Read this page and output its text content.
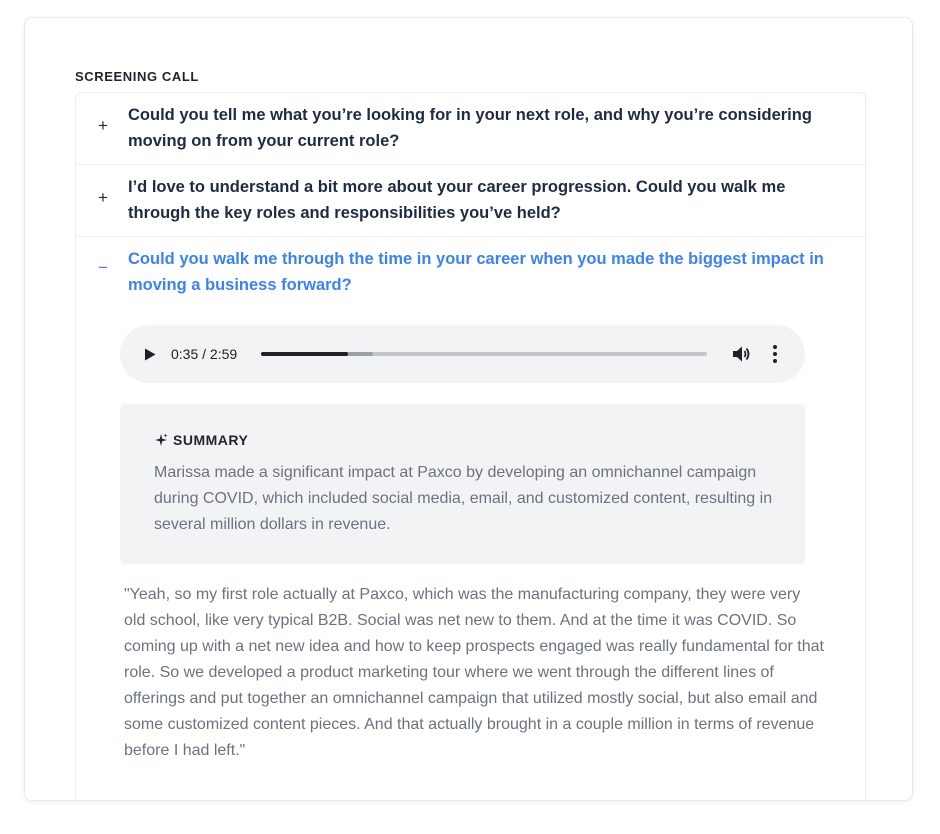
SCREENING CALL
+
Could you tell me what you’re looking for in your next role, and why you’re considering moving on from your current role?
+
I’d love to understand a bit more about your career progression. Could you walk me through the key roles and responsibilities you’ve held?
− Could you walk me through the time in your career when you made the biggest impact in moving a business forward?
0:35 / 2:59
SUMMARY
Marissa made a significant impact at Paxco by developing an omnichannel campaign during COVID, which included social media, email, and customized content, resulting in several million dollars in revenue.
"Yeah, so my first role actually at Paxco, which was the manufacturing company, they were very old school, like very typical B2B. Social was net new to them. And at the time it was COVID. So coming up with a net new idea and how to keep prospects engaged was really fundamental for that role. So we developed a product marketing tour where we went through the different lines of offerings and put together an omnichannel campaign that utilized mostly social, but also email and some customized content pieces. And that actually brought in a couple million in terms of revenue before I had left."
